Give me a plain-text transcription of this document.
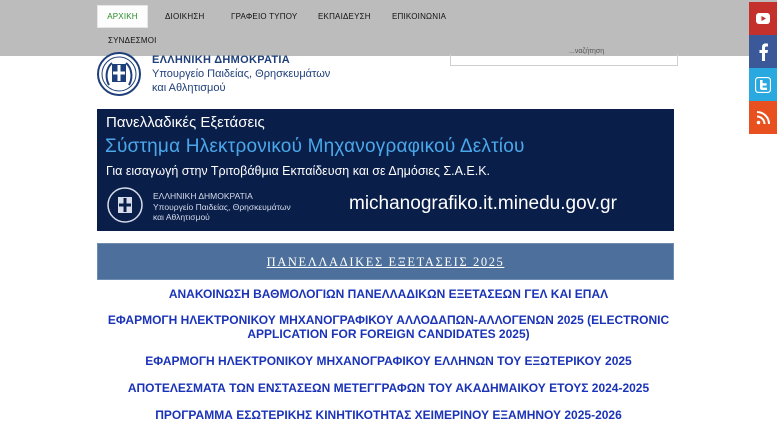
ΑΡΧΙΚΗ	ΔΙΟΙΚΗΣΗ	ΓΡΑΦΕΙΟ ΤΥΠΟΥ	ΕΚΠΑΙΔΕΥΣΗ	ΕΠΙΚΟΙΝΩΝΙΑ
ΣΥΝΔΕΣΜΟΙ
ΕΛΛΗΝΙΚΗ ΔΗΜΟΚΡΑΤΙΑ
Υπουργείο Παιδείας, Θρησκευμάτων
και Αθλητισμού
...ναζήτηση
Πανελλαδικές Εξετάσεις
Σύστημα Ηλεκτρονικού Μηχανογραφικού Δελτίου
Για εισαγωγή στην Τριτοβάθμια Εκπαίδευση και σε Δημόσιες Σ.Α.Ε.Κ.
ΕΛΛΗΝΙΚΗ ΔΗΜΟΚΡΑΤΙΑ
Υπουργείο Παιδείας, Θρησκευμάτων
και Αθλητισμού
michanografiko.it.minedu.gov.gr
ΠΑΝΕΛΛΑΔΙΚΕΣ ΕΞΕΤΑΣΕΙΣ 2025
ΑΝΑΚΟΙΝΩΣΗ ΒΑΘΜΟΛΟΓΙΩΝ ΠΑΝΕΛΛΑΔΙΚΩΝ ΕΞΕΤΑΣΕΩΝ ΓΕΛ ΚΑΙ ΕΠΑΛ
ΕΦΑΡΜΟΓΗ ΗΛΕΚΤΡΟΝΙΚΟΥ ΜΗΧΑΝΟΓΡΑΦΙΚΟΥ ΑΛΛΟΔΑΠΩΝ-ΑΛΛΟΓΕΝΩΝ 2025 (ELECTRONIC APPLICATION FOR FOREIGN CANDIDATES 2025)
ΕΦΑΡΜΟΓΗ ΗΛΕΚΤΡΟΝΙΚΟΥ ΜΗΧΑΝΟΓΡΑΦΙΚΟΥ ΕΛΛΗΝΩΝ ΤΟΥ ΕΞΩΤΕΡΙΚΟΥ 2025
ΑΠΟΤΕΛΕΣΜΑΤΑ ΤΩΝ ΕΝΣΤΑΣΕΩΝ ΜΕΤΕΓΓΡΑΦΩΝ ΤΟΥ ΑΚΑΔΗΜΑΙΚΟΥ ΕΤΟΥΣ 2024-2025
ΠΡΟΓΡΑΜΜΑ ΕΣΩΤΕΡΙΚΗΣ ΚΙΝΗΤΙΚΟΤΗΤΑΣ ΧΕΙΜΕΡΙΝΟΥ ΕΞΑΜΗΝΟΥ 2025-2026
